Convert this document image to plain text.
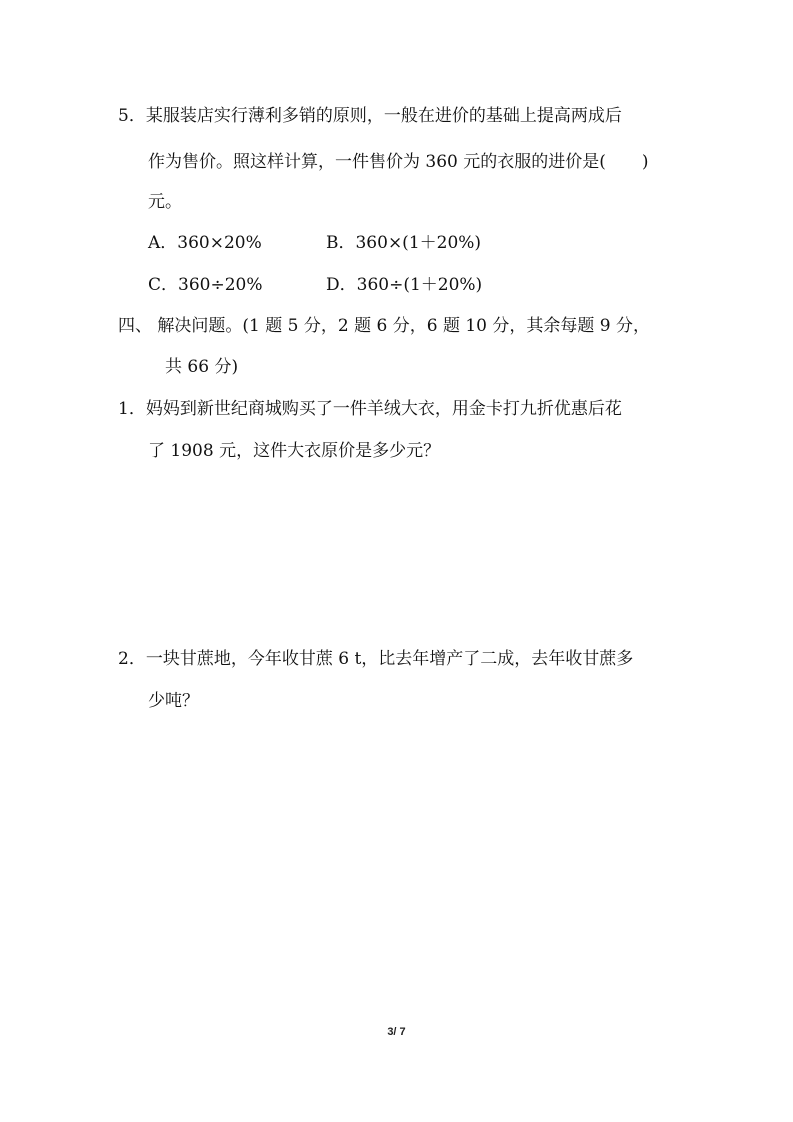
5．某服装店实行薄利多销的原则，一般在进价的基础上提高两成后
作为售价。照这样计算，一件售价为 360 元的衣服的进价是( )
元。
A．360×20%	B．360×(1＋20%)
C．360÷20%	D．360÷(1＋20%)
四、 解决问题。(1 题 5 分，2 题 6 分，6 题 10 分，其余每题 9 分，
共 66 分)
1．妈妈到新世纪商城购买了一件羊绒大衣，用金卡打九折优惠后花
了 1908 元，这件大衣原价是多少元？
2．一块甘蔗地，今年收甘蔗 6 t，比去年增产了二成，去年收甘蔗多
少吨？
3/ 7
